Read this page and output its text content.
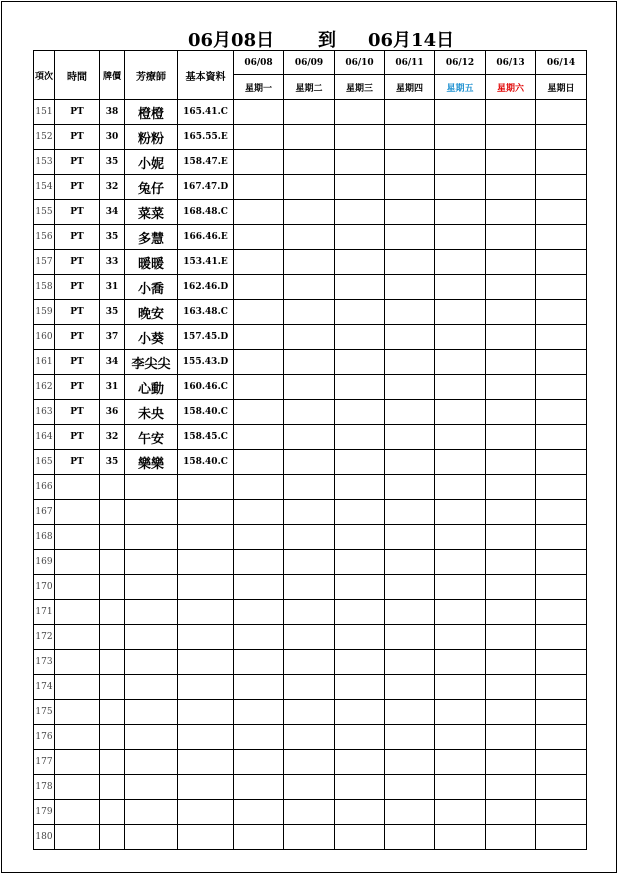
06月08日 到 06月14日
項次	時間	牌價	芳療師	基本資料	06/08	06/09	06/10	06/11	06/12	06/13	06/14
					星期一	星期二	星期三	星期四	星期五	星期六	星期日
151	PT	38	橙橙	165.41.C							
152	PT	30	粉粉	165.55.E							
153	PT	35	小妮	158.47.E							
154	PT	32	兔仔	167.47.D							
155	PT	34	菜菜	168.48.C							
156	PT	35	多慧	166.46.E							
157	PT	33	暖暖	153.41.E							
158	PT	31	小喬	162.46.D							
159	PT	35	晚安	163.48.C							
160	PT	37	小葵	157.45.D							
161	PT	34	李尖尖	155.43.D							
162	PT	31	心動	160.46.C							
163	PT	36	未央	158.40.C							
164	PT	32	午安	158.45.C							
165	PT	35	樂樂	158.40.C							
166											
167											
168											
169											
170											
171											
172											
173											
174											
175											
176											
177											
178											
179											
180											
